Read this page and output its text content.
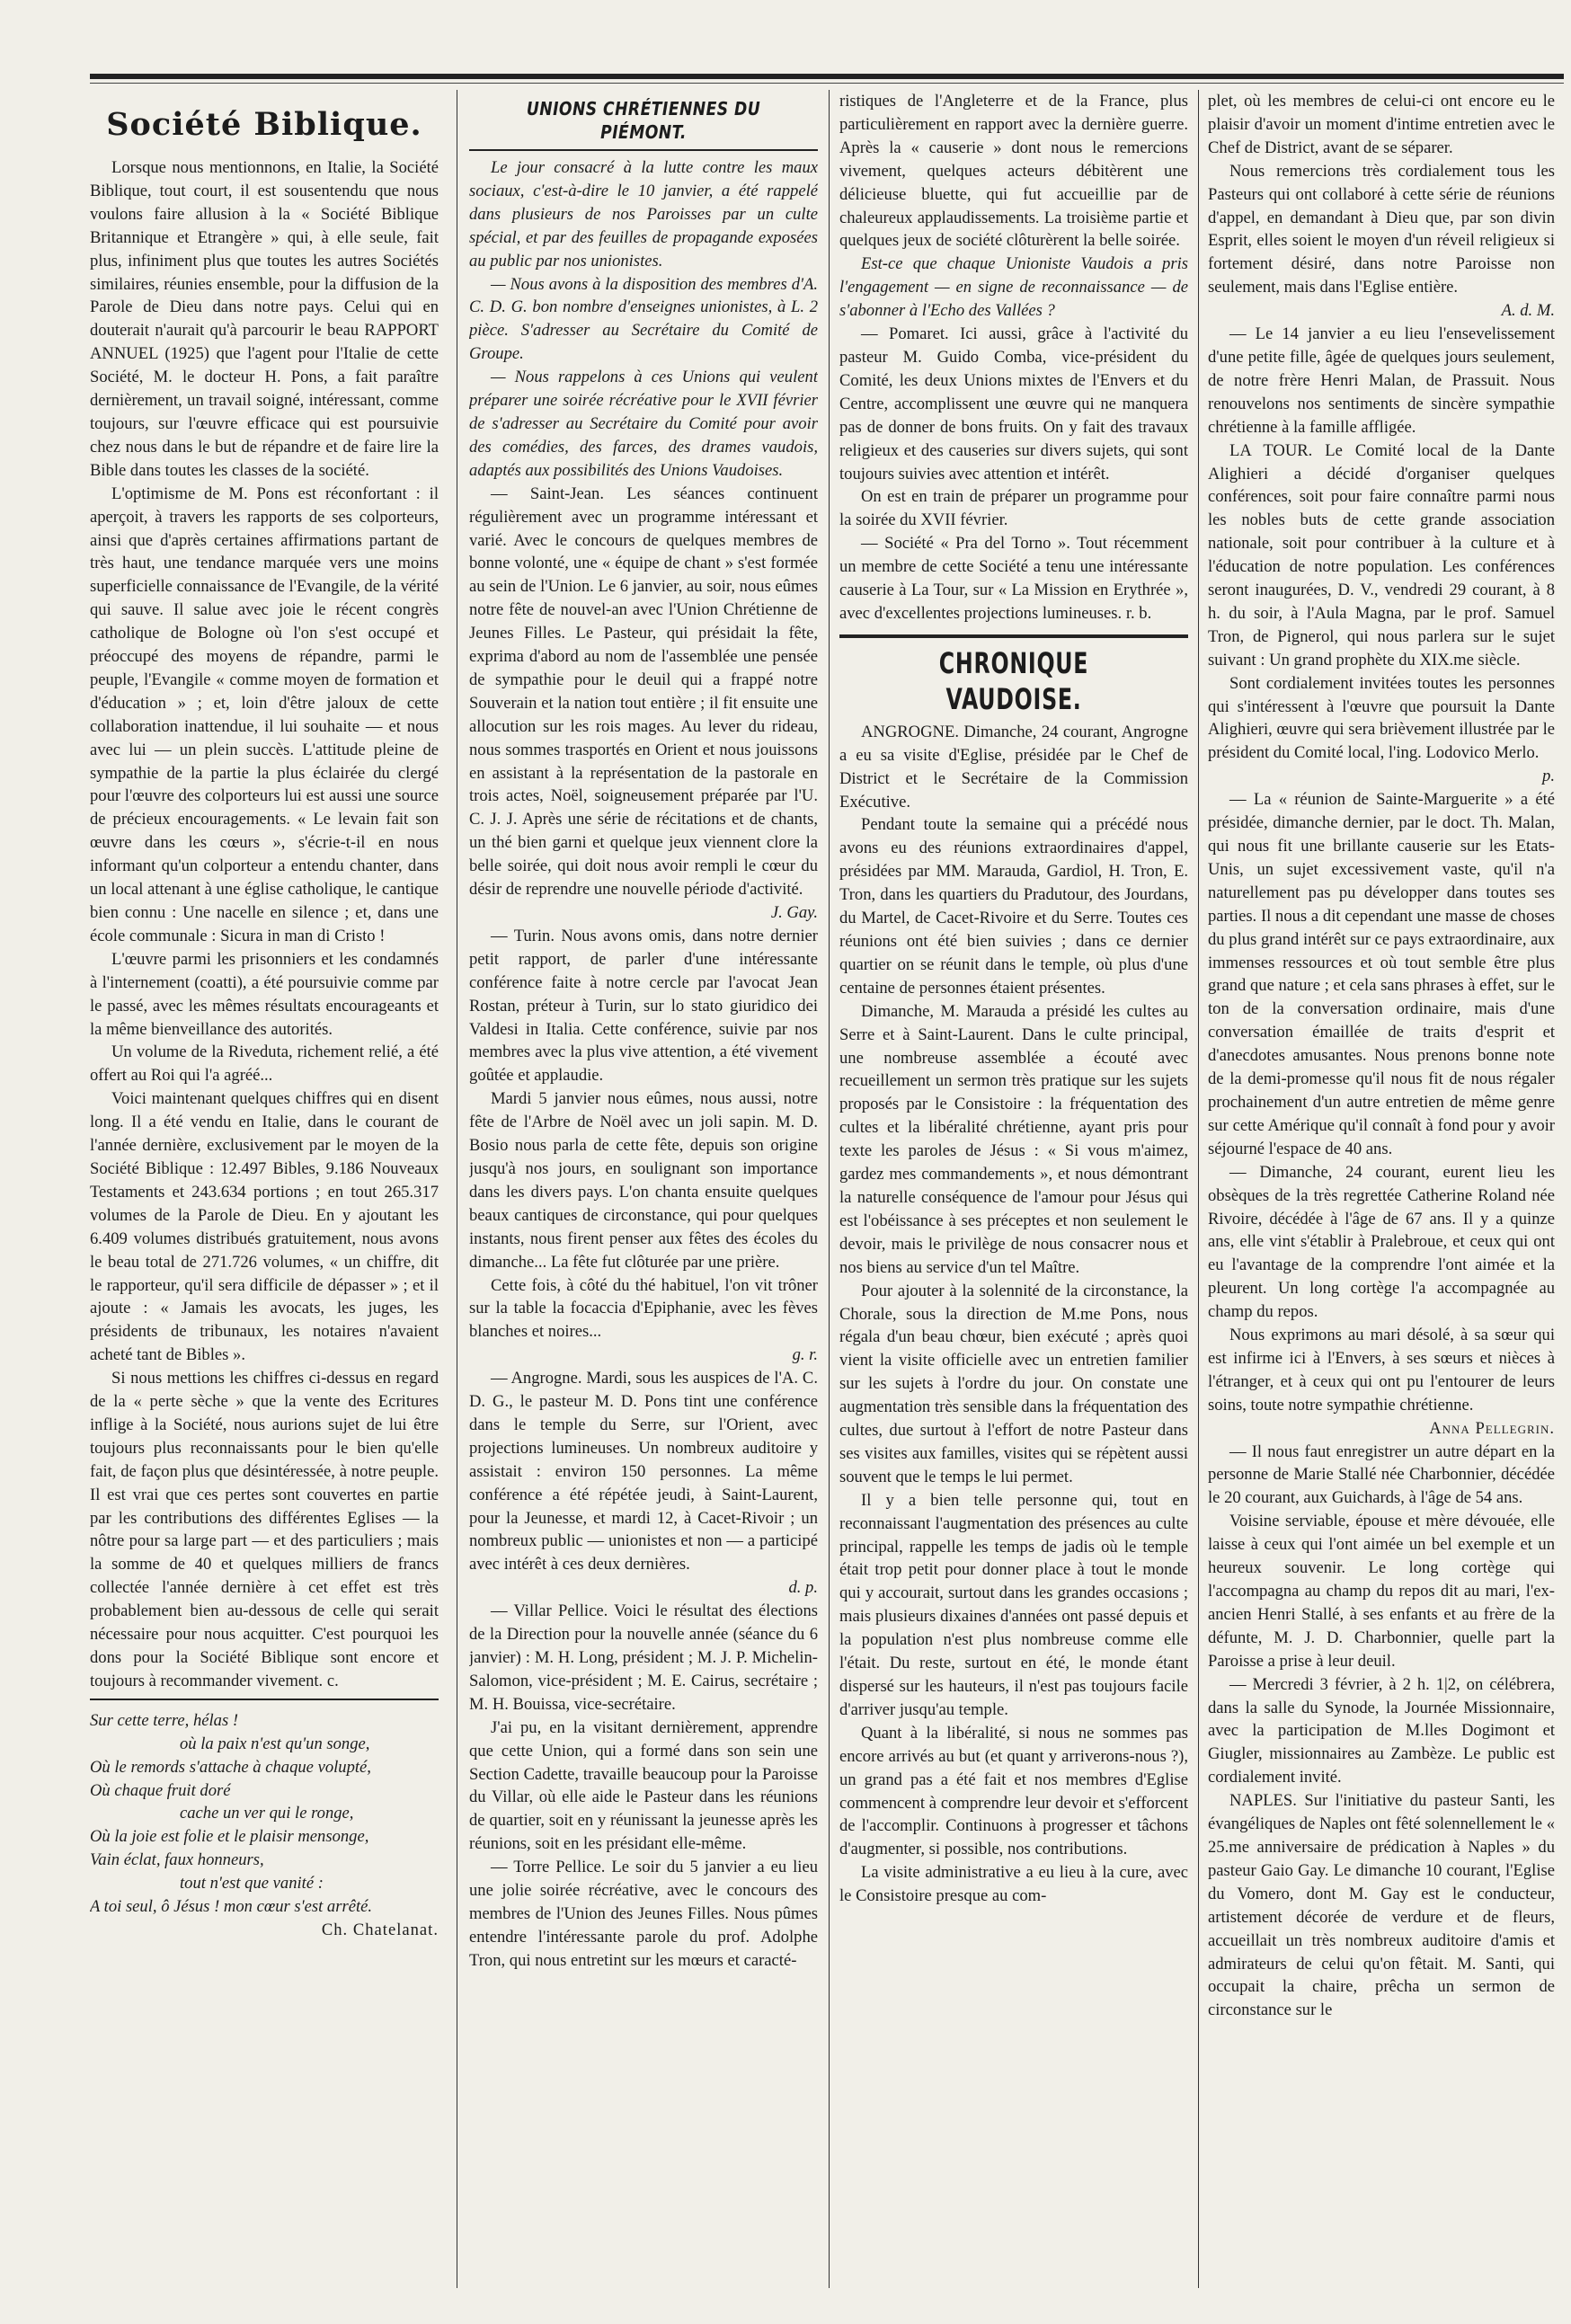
Société Biblique.

Lorsque nous mentionnons, en Italie, la Société Biblique, tout court, il est sousentendu que nous voulons faire allusion à la « Société Biblique Britannique et Etrangère » qui, à elle seule, fait plus, infiniment plus que toutes les autres Sociétés similaires, réunies ensemble, pour la diffusion de la Parole de Dieu dans notre pays. Celui qui en douterait n'aurait qu'à parcourir le beau RAPPORT ANNUEL (1925) que l'agent pour l'Italie de cette Société, M. le docteur H. Pons, a fait paraître dernièrement, un travail soigné, intéressant, comme toujours, sur l'œuvre efficace qui est poursuivie chez nous dans le but de répandre et de faire lire la Bible dans toutes les classes de la société.

L'optimisme de M. Pons est réconfortant : il aperçoit, à travers les rapports de ses colporteurs, ainsi que d'après certaines affirmations partant de très haut, une tendance marquée vers une moins superficielle connaissance de l'Evangile, de la vérité qui sauve. Il salue avec joie le récent congrès catholique de Bologne où l'on s'est occupé et préoccupé des moyens de répandre, parmi le peuple, l'Evangile « comme moyen de formation et d'éducation » ; et, loin d'être jaloux de cette collaboration inattendue, il lui souhaite — et nous avec lui — un plein succès. L'attitude pleine de sympathie de la partie la plus éclairée du clergé pour l'œuvre des colporteurs lui est aussi une source de précieux encouragements. « Le levain fait son œuvre dans les cœurs », s'écrie-t-il en nous informant qu'un colporteur a entendu chanter, dans un local attenant à une église catholique, le cantique bien connu : Une nacelle en silence ; et, dans une école communale : Sicura in man di Cristo !

L'œuvre parmi les prisonniers et les condamnés à l'internement (coatti), a été poursuivie comme par le passé, avec les mêmes résultats encourageants et la même bienveillance des autorités.

Un volume de la Riveduta, richement relié, a été offert au Roi qui l'a agréé...

Voici maintenant quelques chiffres qui en disent long. Il a été vendu en Italie, dans le courant de l'année dernière, exclusivement par le moyen de la Société Biblique : 12.497 Bibles, 9.186 Nouveaux Testaments et 243.634 portions ; en tout 265.317 volumes de la Parole de Dieu. En y ajoutant les 6.409 volumes distribués gratuitement, nous avons le beau total de 271.726 volumes, « un chiffre, dit le rapporteur, qu'il sera difficile de dépasser » ; et il ajoute : « Jamais les avocats, les juges, les présidents de tribunaux, les notaires n'avaient acheté tant de Bibles ».

Si nous mettions les chiffres ci-dessus en regard de la « perte sèche » que la vente des Ecritures inflige à la Société, nous aurions sujet de lui être toujours plus reconnaissants pour le bien qu'elle fait, de façon plus que désintéressée, à notre peuple. Il est vrai que ces pertes sont couvertes en partie par les contributions des différentes Eglises — la nôtre pour sa large part — et des particuliers ; mais la somme de 40 et quelques milliers de francs collectée l'année dernière à cet effet est très probablement bien au-dessous de celle qui serait nécessaire pour nous acquitter. C'est pourquoi les dons pour la Société Biblique sont encore et toujours à recommander vivement. c.

Sur cette terre, hélas !

où la paix n'est qu'un songe,

Où le remords s'attache à chaque volupté,

Où chaque fruit doré

cache un ver qui le ronge,

Où la joie est folie et le plaisir mensonge,

Vain éclat, faux honneurs,

tout n'est que vanité :

A toi seul, ô Jésus ! mon cœur s'est arrêté.

Ch. Chatelanat.

UNIONS CHRÉTIENNES DU PIÉMONT.

Le jour consacré à la lutte contre les maux sociaux, c'est-à-dire le 10 janvier, a été rappelé dans plusieurs de nos Paroisses par un culte spécial, et par des feuilles de propagande exposées au public par nos unionistes.

— Nous avons à la disposition des membres d'A. C. D. G. bon nombre d'enseignes unionistes, à L. 2 pièce. S'adresser au Secrétaire du Comité de Groupe.

— Nous rappelons à ces Unions qui veulent préparer une soirée récréative pour le XVII février de s'adresser au Secrétaire du Comité pour avoir des comédies, des farces, des drames vaudois, adaptés aux possibilités des Unions Vaudoises.

— Saint-Jean. Les séances continuent régulièrement avec un programme intéressant et varié. Avec le concours de quelques membres de bonne volonté, une « équipe de chant » s'est formée au sein de l'Union. Le 6 janvier, au soir, nous eûmes notre fête de nouvel-an avec l'Union Chrétienne de Jeunes Filles. Le Pasteur, qui présidait la fête, exprima d'abord au nom de l'assemblée une pensée de sympathie pour le deuil qui a frappé notre Souverain et la nation tout entière ; il fit ensuite une allocution sur les rois mages. Au lever du rideau, nous sommes trasportés en Orient et nous jouissons en assistant à la représentation de la pastorale en trois actes, Noël, soigneusement préparée par l'U. C. J. J. Après une série de récitations et de chants, un thé bien garni et quelque jeux viennent clore la belle soirée, qui doit nous avoir rempli le cœur du désir de reprendre une nouvelle période d'activité.

J. Gay.

— Turin. Nous avons omis, dans notre dernier petit rapport, de parler d'une intéressante conférence faite à notre cercle par l'avocat Jean Rostan, préteur à Turin, sur lo stato giuridico dei Valdesi in Italia. Cette conférence, suivie par nos membres avec la plus vive attention, a été vivement goûtée et applaudie.

Mardi 5 janvier nous eûmes, nous aussi, notre fête de l'Arbre de Noël avec un joli sapin. M. D. Bosio nous parla de cette fête, depuis son origine jusqu'à nos jours, en soulignant son importance dans les divers pays. L'on chanta ensuite quelques beaux cantiques de circonstance, qui pour quelques instants, nous firent penser aux fêtes des écoles du dimanche... La fête fut clôturée par une prière.

Cette fois, à côté du thé habituel, l'on vit trôner sur la table la focaccia d'Epiphanie, avec les fèves blanches et noires...

g. r.

— Angrogne. Mardi, sous les auspices de l'A. C. D. G., le pasteur M. D. Pons tint une conférence dans le temple du Serre, sur l'Orient, avec projections lumineuses. Un nombreux auditoire y assistait : environ 150 personnes. La même conférence a été répétée jeudi, à Saint-Laurent, pour la Jeunesse, et mardi 12, à Cacet-Rivoir ; un nombreux public — unionistes et non — a participé avec intérêt à ces deux dernières.

d. p.

— Villar Pellice. Voici le résultat des élections de la Direction pour la nouvelle année (séance du 6 janvier) : M. H. Long, président ; M. J. P. Michelin-Salomon, vice-président ; M. E. Cairus, secrétaire ; M. H. Bouissa, vice-secrétaire.

J'ai pu, en la visitant dernièrement, apprendre que cette Union, qui a formé dans son sein une Section Cadette, travaille beaucoup pour la Paroisse du Villar, où elle aide le Pasteur dans les réunions de quartier, soit en y réunissant la jeunesse après les réunions, soit en les présidant elle-même.

— Torre Pellice. Le soir du 5 janvier a eu lieu une jolie soirée récréative, avec le concours des membres de l'Union des Jeunes Filles. Nous pûmes entendre l'intéressante parole du prof. Adolphe Tron, qui nous entretint sur les mœurs et caracté-

ristiques de l'Angleterre et de la France, plus particulièrement en rapport avec la dernière guerre. Après la « causerie » dont nous le remercions vivement, quelques acteurs débitèrent une délicieuse bluette, qui fut accueillie par de chaleureux applaudissements. La troisième partie et quelques jeux de société clôturèrent la belle soirée.

Est-ce que chaque Unioniste Vaudois a pris l'engagement — en signe de reconnaissance — de s'abonner à l'Echo des Vallées ?

— Pomaret. Ici aussi, grâce à l'activité du pasteur M. Guido Comba, vice-président du Comité, les deux Unions mixtes de l'Envers et du Centre, accomplissent une œuvre qui ne manquera pas de donner de bons fruits. On y fait des travaux religieux et des causeries sur divers sujets, qui sont toujours suivies avec attention et intérêt.

On est en train de préparer un programme pour la soirée du XVII février.

— Société « Pra del Torno ». Tout récemment un membre de cette Société a tenu une intéressante causerie à La Tour, sur « La Mission en Erythrée », avec d'excellentes projections lumineuses. r. b.

CHRONIQUE VAUDOISE.

ANGROGNE. Dimanche, 24 courant, Angrogne a eu sa visite d'Eglise, présidée par le Chef de District et le Secrétaire de la Commission Exécutive.

Pendant toute la semaine qui a précédé nous avons eu des réunions extraordinaires d'appel, présidées par MM. Marauda, Gardiol, H. Tron, E. Tron, dans les quartiers du Pradutour, des Jourdans, du Martel, de Cacet-Rivoire et du Serre. Toutes ces réunions ont été bien suivies ; dans ce dernier quartier on se réunit dans le temple, où plus d'une centaine de personnes étaient présentes.

Dimanche, M. Marauda a présidé les cultes au Serre et à Saint-Laurent. Dans le culte principal, une nombreuse assemblée a écouté avec recueillement un sermon très pratique sur les sujets proposés par le Consistoire : la fréquentation des cultes et la libéralité chrétienne, ayant pris pour texte les paroles de Jésus : « Si vous m'aimez, gardez mes commandements », et nous démontrant la naturelle conséquence de l'amour pour Jésus qui est l'obéissance à ses préceptes et non seulement le devoir, mais le privilège de nous consacrer nous et nos biens au service d'un tel Maître.

Pour ajouter à la solennité de la circonstance, la Chorale, sous la direction de M.me Pons, nous régala d'un beau chœur, bien exécuté ; après quoi vient la visite officielle avec un entretien familier sur les sujets à l'ordre du jour. On constate une augmentation très sensible dans la fréquentation des cultes, due surtout à l'effort de notre Pasteur dans ses visites aux familles, visites qui se répètent aussi souvent que le temps le lui permet.

Il y a bien telle personne qui, tout en reconnaissant l'augmentation des présences au culte principal, rappelle les temps de jadis où le temple était trop petit pour donner place à tout le monde qui y accourait, surtout dans les grandes occasions ; mais plusieurs dixaines d'années ont passé depuis et la population n'est plus nombreuse comme elle l'était. Du reste, surtout en été, le monde étant dispersé sur les hauteurs, il n'est pas toujours facile d'arriver jusqu'au temple.

Quant à la libéralité, si nous ne sommes pas encore arrivés au but (et quant y arriverons-nous ?), un grand pas a été fait et nos membres d'Eglise commencent à comprendre leur devoir et s'efforcent de l'accomplir. Continuons à progresser et tâchons d'augmenter, si possible, nos contributions.

La visite administrative a eu lieu à la cure, avec le Consistoire presque au com-

plet, où les membres de celui-ci ont encore eu le plaisir d'avoir un moment d'intime entretien avec le Chef de District, avant de se séparer.

Nous remercions très cordialement tous les Pasteurs qui ont collaboré à cette série de réunions d'appel, en demandant à Dieu que, par son divin Esprit, elles soient le moyen d'un réveil religieux si fortement désiré, dans notre Paroisse non seulement, mais dans l'Eglise entière.

A. d. M.

— Le 14 janvier a eu lieu l'ensevelissement d'une petite fille, âgée de quelques jours seulement, de notre frère Henri Malan, de Prassuit. Nous renouvelons nos sentiments de sincère sympathie chrétienne à la famille affligée.

LA TOUR. Le Comité local de la Dante Alighieri a décidé d'organiser quelques conférences, soit pour faire connaître parmi nous les nobles buts de cette grande association nationale, soit pour contribuer à la culture et à l'éducation de notre population. Les conférences seront inaugurées, D. V., vendredi 29 courant, à 8 h. du soir, à l'Aula Magna, par le prof. Samuel Tron, de Pignerol, qui nous parlera sur le sujet suivant : Un grand prophète du XIX.me siècle.

Sont cordialement invitées toutes les personnes qui s'intéressent à l'œuvre que poursuit la Dante Alighieri, œuvre qui sera brièvement illustrée par le président du Comité local, l'ing. Lodovico Merlo.

p.

— La « réunion de Sainte-Marguerite » a été présidée, dimanche dernier, par le doct. Th. Malan, qui nous fit une brillante causerie sur les Etats-Unis, un sujet excessivement vaste, qu'il n'a naturellement pas pu développer dans toutes ses parties. Il nous a dit cependant une masse de choses du plus grand intérêt sur ce pays extraordinaire, aux immenses ressources et où tout semble être plus grand que nature ; et cela sans phrases à effet, sur le ton de la conversation ordinaire, mais d'une conversation émaillée de traits d'esprit et d'anecdotes amusantes. Nous prenons bonne note de la demi-promesse qu'il nous fit de nous régaler prochainement d'un autre entretien de même genre sur cette Amérique qu'il connaît à fond pour y avoir séjourné l'espace de 40 ans.

— Dimanche, 24 courant, eurent lieu les obsèques de la très regrettée Catherine Roland née Rivoire, décédée à l'âge de 67 ans. Il y a quinze ans, elle vint s'établir à Pralebroue, et ceux qui ont eu l'avantage de la comprendre l'ont aimée et la pleurent. Un long cortège l'a accompagnée au champ du repos.

Nous exprimons au mari désolé, à sa sœur qui est infirme ici à l'Envers, à ses sœurs et nièces à l'étranger, et à ceux qui ont pu l'entourer de leurs soins, toute notre sympathie chrétienne.

Anna Pellegrin.

— Il nous faut enregistrer un autre départ en la personne de Marie Stallé née Charbonnier, décédée le 20 courant, aux Guichards, à l'âge de 54 ans.

Voisine serviable, épouse et mère dévouée, elle laisse à ceux qui l'ont aimée un bel exemple et un heureux souvenir. Le long cortège qui l'accompagna au champ du repos dit au mari, l'ex-ancien Henri Stallé, à ses enfants et au frère de la défunte, M. J. D. Charbonnier, quelle part la Paroisse a prise à leur deuil.

— Mercredi 3 février, à 2 h. 1|2, on célébrera, dans la salle du Synode, la Journée Missionnaire, avec la participation de M.lles Dogimont et Giugler, missionnaires au Zambèze. Le public est cordialement invité.

NAPLES. Sur l'initiative du pasteur Santi, les évangéliques de Naples ont fêté solennellement le « 25.me anniversaire de prédication à Naples » du pasteur Gaio Gay. Le dimanche 10 courant, l'Eglise du Vomero, dont M. Gay est le conducteur, artistement décorée de verdure et de fleurs, accueillait un très nombreux auditoire d'amis et admirateurs de celui qu'on fêtait. M. Santi, qui occupait la chaire, prêcha un sermon de circonstance sur le
